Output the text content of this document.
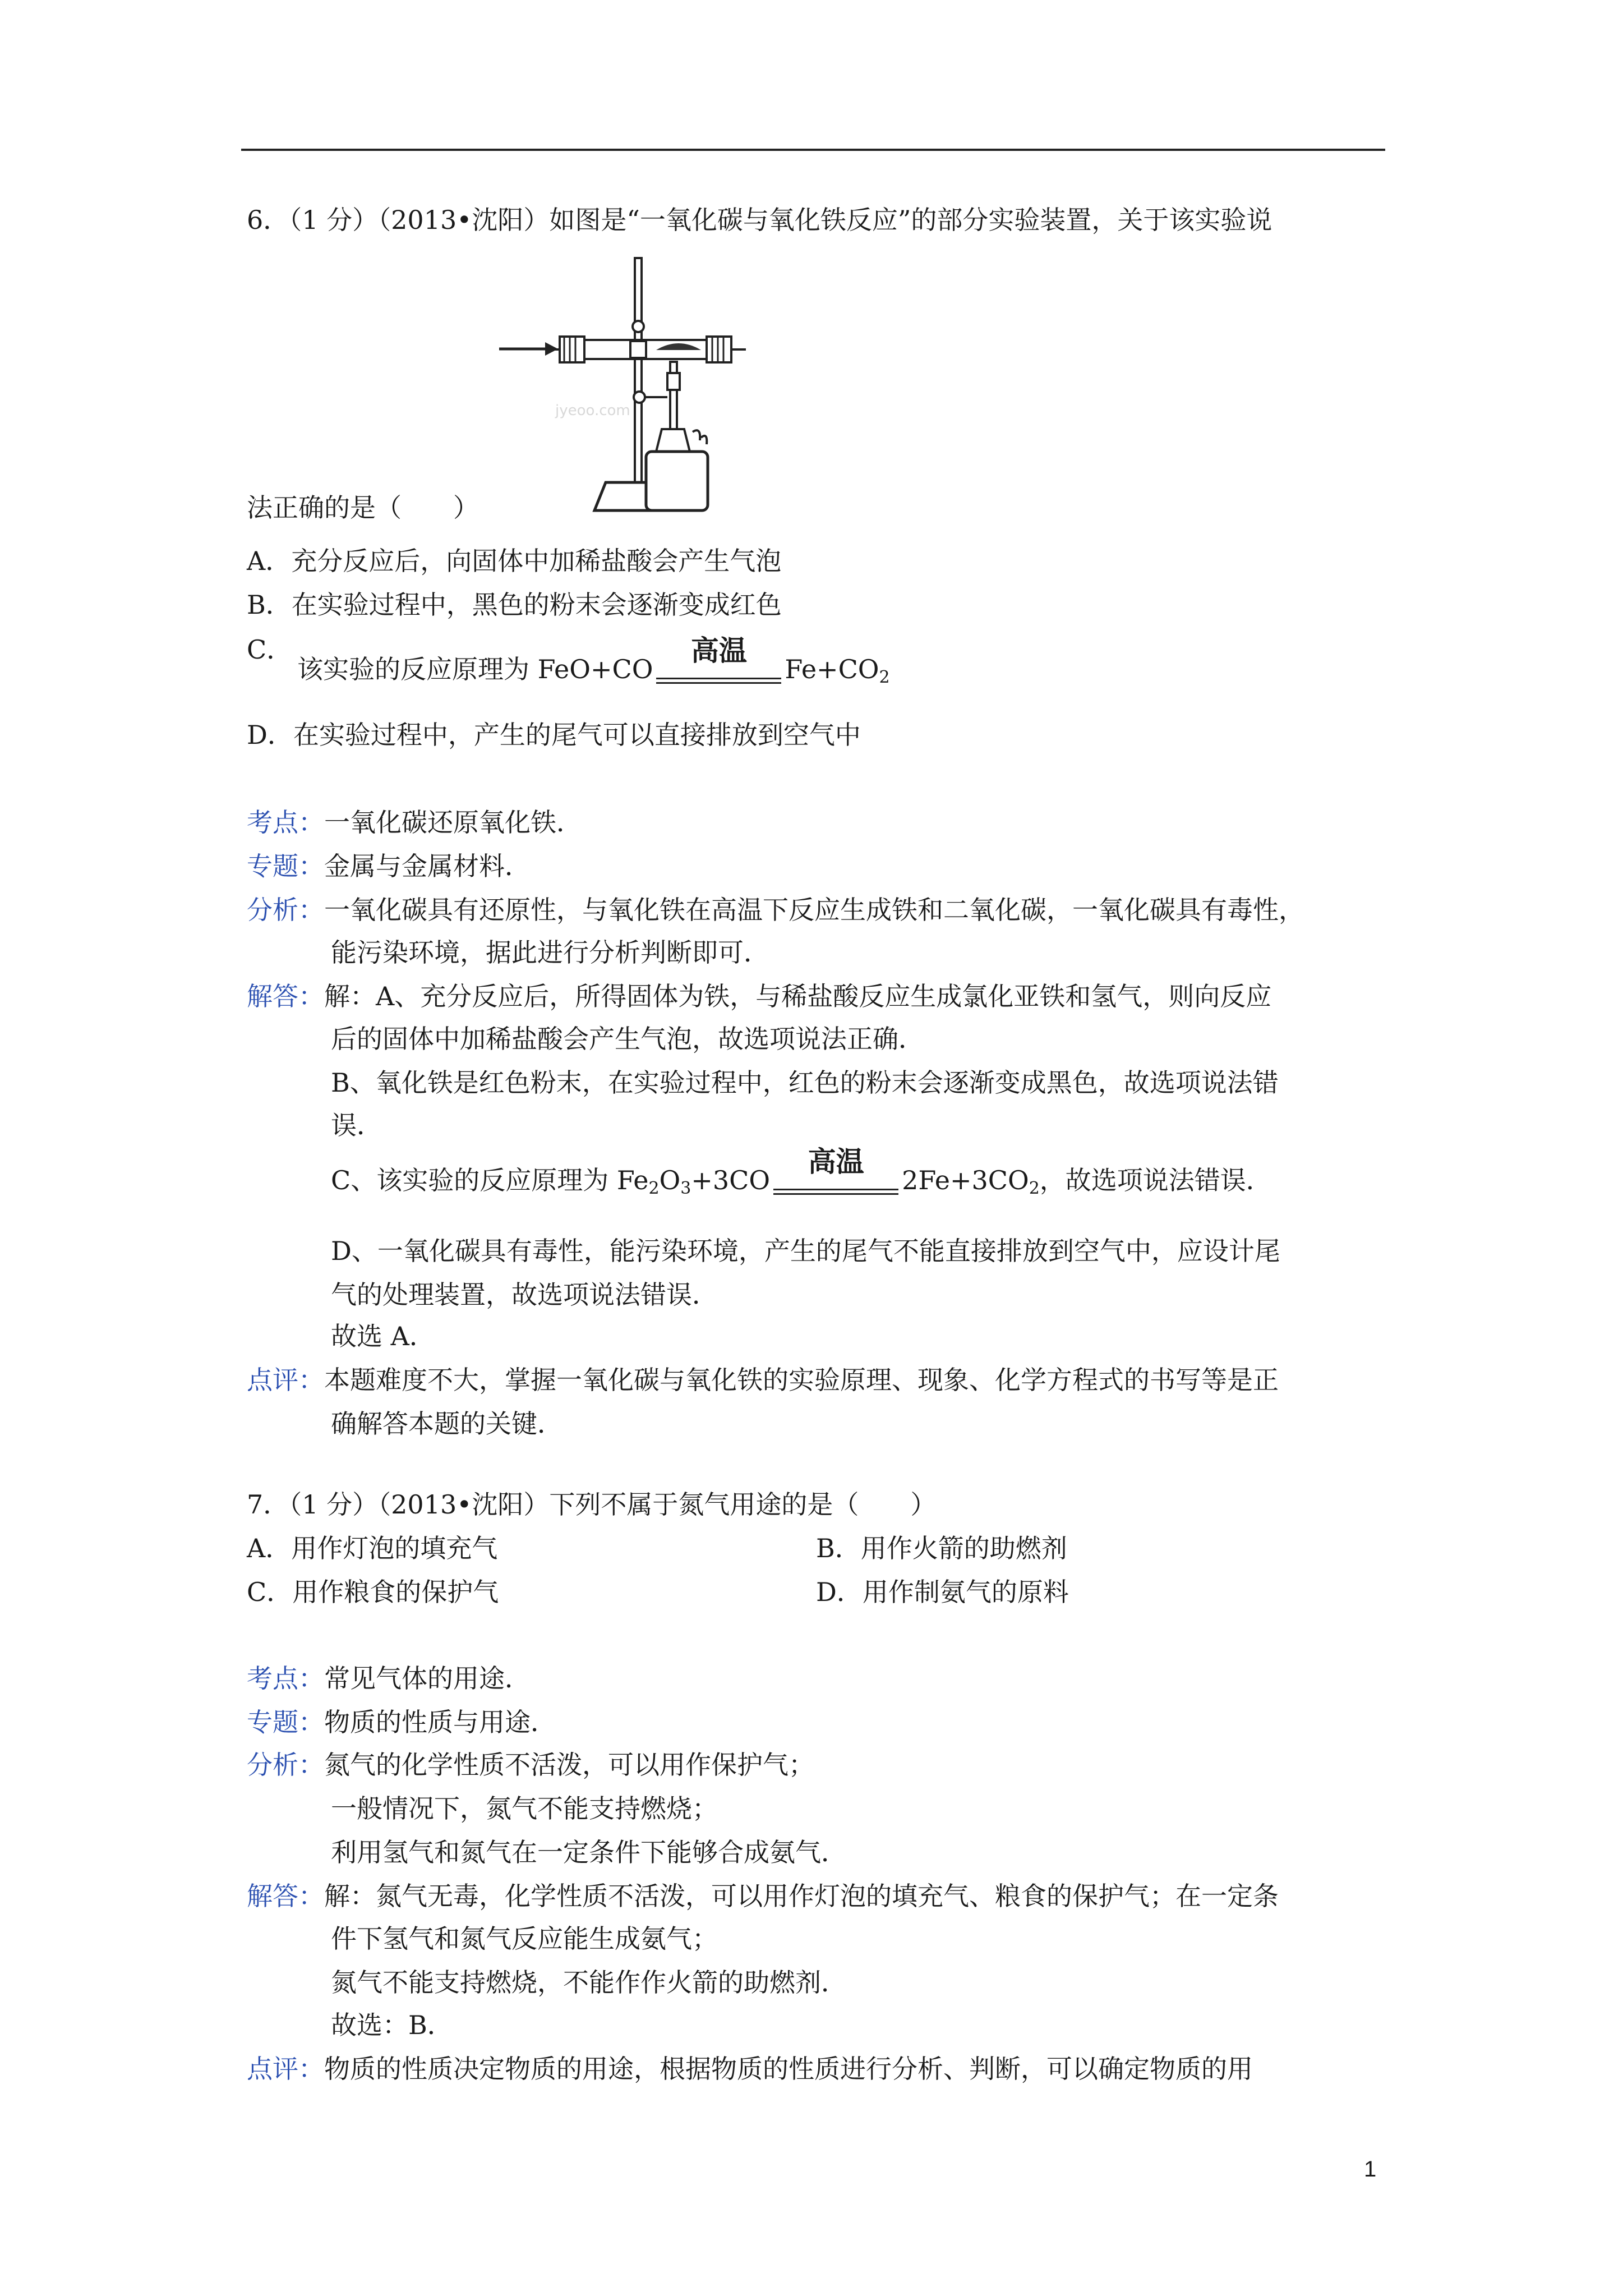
6．（1 分）（2013•沈阳）如图是“一氧化碳与氧化铁反应”的部分实验装置，关于该实验说
jyeoo.com
法正确的是（　　）
A．充分反应后，向固体中加稀盐酸会产生气泡
B．在实验过程中，黑色的粉末会逐渐变成红色
C．
该实验的反应原理为 FeO+CO
高温
$Fe+CO_2$
D．在实验过程中，产生的尾气可以直接排放到空气中
考点：一氧化碳还原氧化铁．
专题：金属与金属材料．
分析：一氧化碳具有还原性，与氧化铁在高温下反应生成铁和二氧化碳，一氧化碳具有毒性，
能污染环境，据此进行分析判断即可．
解答：解：A、充分反应后，所得固体为铁，与稀盐酸反应生成氯化亚铁和氢气，则向反应
后的固体中加稀盐酸会产生气泡，故选项说法正确．
B、氧化铁是红色粉末，在实验过程中，红色的粉末会逐渐变成黑色，故选项说法错
误．
C、该实验的反应原理为 $Fe_2O_3+3CO$
高温
$2Fe+3CO_2$，故选项说法错误．
D、一氧化碳具有毒性，能污染环境，产生的尾气不能直接排放到空气中，应设计尾
气的处理装置，故选项说法错误．
故选 A．
点评：本题难度不大，掌握一氧化碳与氧化铁的实验原理、现象、化学方程式的书写等是正
确解答本题的关键．
7．（1 分）（2013•沈阳）下列不属于氮气用途的是（　　）
A．用作灯泡的填充气	B．用作火箭的助燃剂
C．用作粮食的保护气	D．用作制氨气的原料
考点：常见气体的用途．
专题：物质的性质与用途．
分析：氮气的化学性质不活泼，可以用作保护气；
一般情况下，氮气不能支持燃烧；
利用氢气和氮气在一定条件下能够合成氨气．
解答：解：氮气无毒，化学性质不活泼，可以用作灯泡的填充气、粮食的保护气；在一定条
件下氢气和氮气反应能生成氨气；
氮气不能支持燃烧，不能作作火箭的助燃剂．
故选：B．
点评：物质的性质决定物质的用途，根据物质的性质进行分析、判断，可以确定物质的用
1
